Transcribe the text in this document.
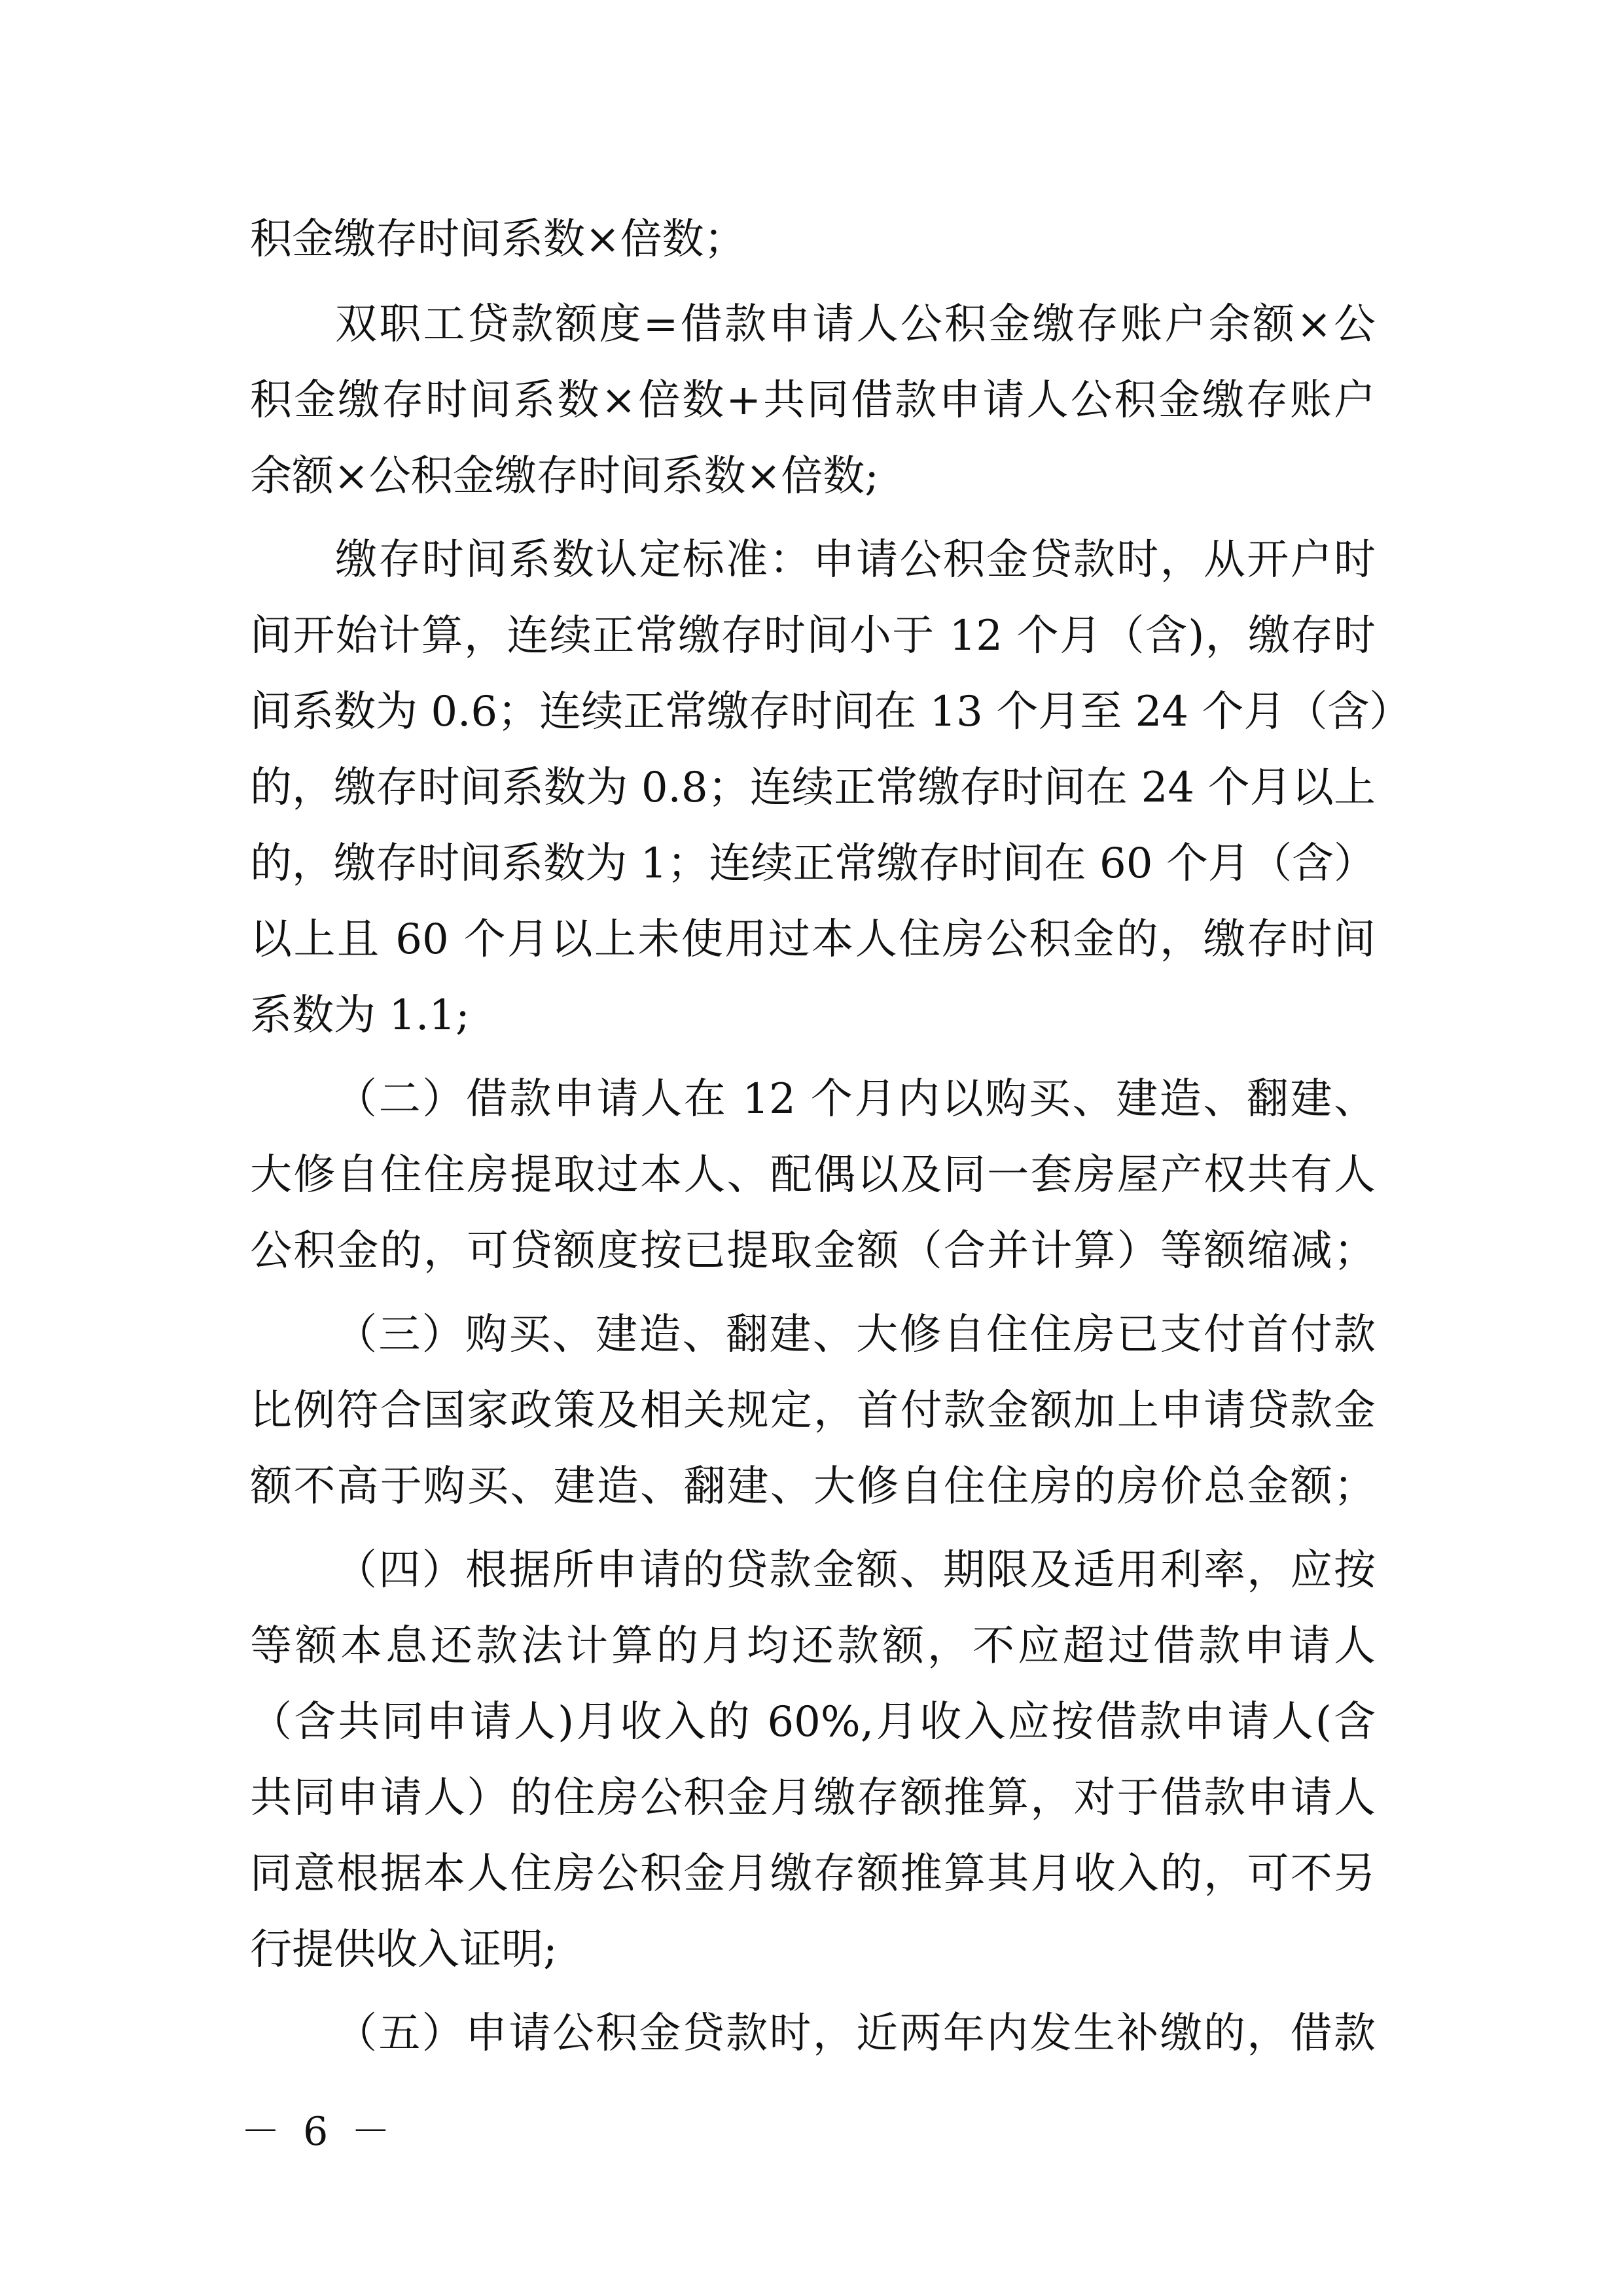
积金缴存时间系数×倍数；
双职工贷款额度=借款申请人公积金缴存账户余额×公
积金缴存时间系数×倍数+共同借款申请人公积金缴存账户
余额×公积金缴存时间系数×倍数;
缴存时间系数认定标准：申请公积金贷款时，从开户时
间开始计算，连续正常缴存时间小于 12 个月（含)，缴存时
间系数为 0.6；连续正常缴存时间在 13 个月至 24 个月（含）
的，缴存时间系数为 0.8；连续正常缴存时间在 24 个月以上
的，缴存时间系数为 1；连续正常缴存时间在 60 个月（含）
以上且 60 个月以上未使用过本人住房公积金的，缴存时间
系数为 1.1;
（二）借款申请人在 12 个月内以购买、建造、翻建、
大修自住住房提取过本人、配偶以及同一套房屋产权共有人
公积金的，可贷额度按已提取金额（合并计算）等额缩减；
（三）购买、建造、翻建、大修自住住房已支付首付款
比例符合国家政策及相关规定，首付款金额加上申请贷款金
额不高于购买、建造、翻建、大修自住住房的房价总金额；
（四）根据所申请的贷款金额、期限及适用利率，应按
等额本息还款法计算的月均还款额，不应超过借款申请人
（含共同申请人)月收入的 60%,月收入应按借款申请人(含
共同申请人）的住房公积金月缴存额推算，对于借款申请人
同意根据本人住房公积金月缴存额推算其月收入的，可不另
行提供收入证明;
（五）申请公积金贷款时，近两年内发生补缴的，借款
－ 6 －
